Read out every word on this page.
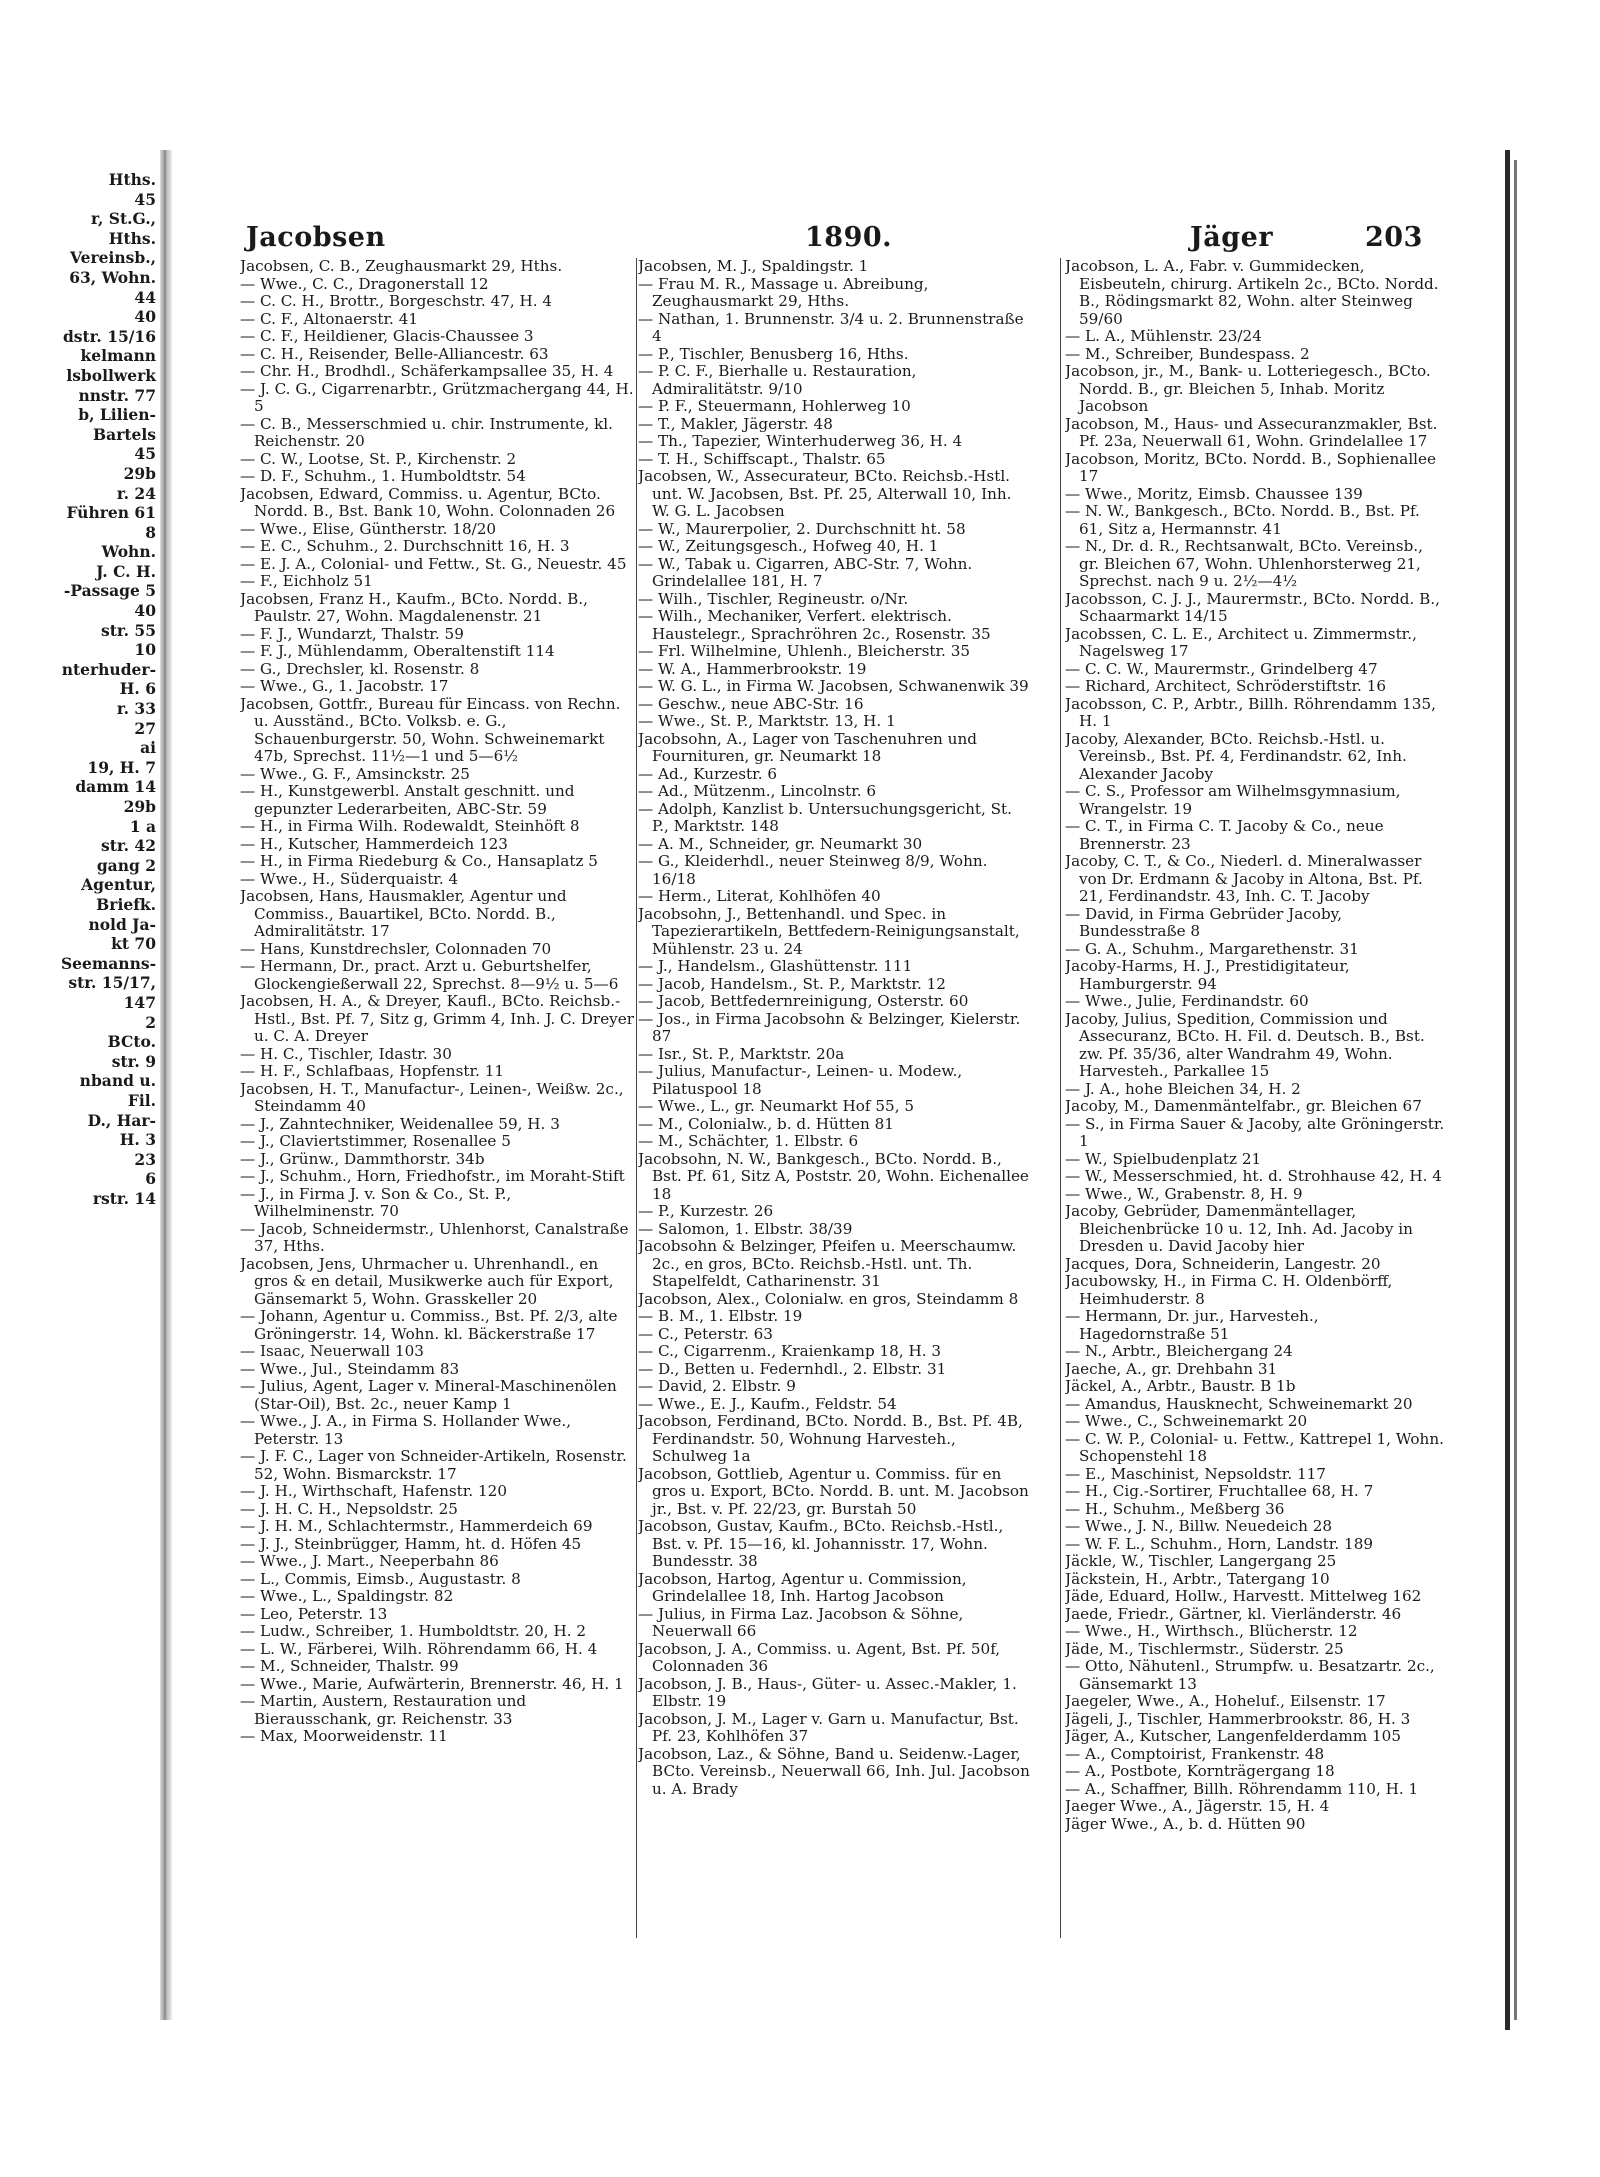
Hths.
45
r, St.G.,
Hths.
Vereinsb.,
63, Wohn.
44
40
dstr. 15/16
kelmann
lsbollwerk
nnstr. 77
b, Lilien-
Bartels
45
29b
r. 24
Führen 61
8
Wohn.
J. C. H.
-Passage 5
40
str. 55
10
nterhuder-
H. 6
r. 33
27
ai
19, H. 7
damm 14
29b
1 a
str. 42
gang 2
Agentur,
Briefk.
nold Ja-
kt 70
Seemanns-
str. 15/17,
147
2
BCto.
str. 9
nband u.
Fil.
D., Har-
H. 3
23
6
rstr. 14
Jacobsen	1890.	Jäger	203
Jacobsen, C. B., Zeughausmarkt 29, Hths.
— Wwe., C. C., Dragonerstall 12
— C. C. H., Brottr., Borgeschstr. 47, H. 4
— C. F., Altonaerstr. 41
— C. F., Heildiener, Glacis-Chaussee 3
— C. H., Reisender, Belle-Alliancestr. 63
— Chr. H., Brodhdl., Schäferkampsallee 35, H. 4
— J. C. G., Cigarrenarbtr., Grützmachergang 44, H. 5
— C. B., Messerschmied u. chir. Instrumente, kl. Reichenstr. 20
— C. W., Lootse, St. P., Kirchenstr. 2
— D. F., Schuhm., 1. Humboldtstr. 54
Jacobsen, Edward, Commiss. u. Agentur, BCto. Nordd. B., Bst. Bank 10, Wohn. Colonnaden 26
— Wwe., Elise, Güntherstr. 18/20
— E. C., Schuhm., 2. Durchschnitt 16, H. 3
— E. J. A., Colonial- und Fettw., St. G., Neuestr. 45
— F., Eichholz 51
Jacobsen, Franz H., Kaufm., BCto. Nordd. B., Paulstr. 27, Wohn. Magdalenenstr. 21
— F. J., Wundarzt, Thalstr. 59
— F. J., Mühlendamm, Oberaltenstift 114
— G., Drechsler, kl. Rosenstr. 8
— Wwe., G., 1. Jacobstr. 17
Jacobsen, Gottfr., Bureau für Eincass. von Rechn. u. Ausständ., BCto. Volksb. e. G., Schauenburgerstr. 50, Wohn. Schweinemarkt 47b, Sprechst. 11½—1 und 5—6½
— Wwe., G. F., Amsinckstr. 25
— H., Kunstgewerbl. Anstalt geschnitt. und gepunzter Lederarbeiten, ABC-Str. 59
— H., in Firma Wilh. Rodewaldt, Steinhöft 8
— H., Kutscher, Hammerdeich 123
— H., in Firma Riedeburg & Co., Hansaplatz 5
— Wwe., H., Süderquaistr. 4
Jacobsen, Hans, Hausmakler, Agentur und Commiss., Bauartikel, BCto. Nordd. B., Admiralitätstr. 17
— Hans, Kunstdrechsler, Colonnaden 70
— Hermann, Dr., pract. Arzt u. Geburtshelfer, Glockengießerwall 22, Sprechst. 8—9½ u. 5—6
Jacobsen, H. A., & Dreyer, Kaufl., BCto. Reichsb.-Hstl., Bst. Pf. 7, Sitz g, Grimm 4, Inh. J. C. Dreyer u. C. A. Dreyer
— H. C., Tischler, Idastr. 30
— H. F., Schlafbaas, Hopfenstr. 11
Jacobsen, H. T., Manufactur-, Leinen-, Weißw. 2c., Steindamm 40
— J., Zahntechniker, Weidenallee 59, H. 3
— J., Claviertstimmer, Rosenallee 5
— J., Grünw., Dammthorstr. 34b
— J., Schuhm., Horn, Friedhofstr., im Moraht-Stift
— J., in Firma J. v. Son & Co., St. P., Wilhelminenstr. 70
— Jacob, Schneidermstr., Uhlenhorst, Canalstraße 37, Hths.
Jacobsen, Jens, Uhrmacher u. Uhrenhandl., en gros & en detail, Musikwerke auch für Export, Gänsemarkt 5, Wohn. Grasskeller 20
— Johann, Agentur u. Commiss., Bst. Pf. 2/3, alte Gröningerstr. 14, Wohn. kl. Bäckerstraße 17
— Isaac, Neuerwall 103
— Wwe., Jul., Steindamm 83
— Julius, Agent, Lager v. Mineral-Maschinenölen (Star-Oil), Bst. 2c., neuer Kamp 1
— Wwe., J. A., in Firma S. Hollander Wwe., Peterstr. 13
— J. F. C., Lager von Schneider-Artikeln, Rosenstr. 52, Wohn. Bismarckstr. 17
— J. H., Wirthschaft, Hafenstr. 120
— J. H. C. H., Nepsoldstr. 25
— J. H. M., Schlachtermstr., Hammerdeich 69
— J. J., Steinbrügger, Hamm, ht. d. Höfen 45
— Wwe., J. Mart., Neeperbahn 86
— L., Commis, Eimsb., Augustastr. 8
— Wwe., L., Spaldingstr. 82
— Leo, Peterstr. 13
— Ludw., Schreiber, 1. Humboldtstr. 20, H. 2
— L. W., Färberei, Wilh. Röhrendamm 66, H. 4
— M., Schneider, Thalstr. 99
— Wwe., Marie, Aufwärterin, Brennerstr. 46, H. 1
— Martin, Austern, Restauration und Bierausschank, gr. Reichenstr. 33
— Max, Moorweidenstr. 11
Jacobsen, M. J., Spaldingstr. 1
— Frau M. R., Massage u. Abreibung, Zeughausmarkt 29, Hths.
— Nathan, 1. Brunnenstr. 3/4 u. 2. Brunnenstraße 4
— P., Tischler, Benusberg 16, Hths.
— P. C. F., Bierhalle u. Restauration, Admiralitätstr. 9/10
— P. F., Steuermann, Hohlerweg 10
— T., Makler, Jägerstr. 48
— Th., Tapezier, Winterhuderweg 36, H. 4
— T. H., Schiffscapt., Thalstr. 65
Jacobsen, W., Assecurateur, BCto. Reichsb.-Hstl. unt. W. Jacobsen, Bst. Pf. 25, Alterwall 10, Inh. W. G. L. Jacobsen
— W., Maurerpolier, 2. Durchschnitt ht. 58
— W., Zeitungsgesch., Hofweg 40, H. 1
— W., Tabak u. Cigarren, ABC-Str. 7, Wohn. Grindelallee 181, H. 7
— Wilh., Tischler, Regineustr. o/Nr.
— Wilh., Mechaniker, Verfert. elektrisch. Haustelegr., Sprachröhren 2c., Rosenstr. 35
— Frl. Wilhelmine, Uhlenh., Bleicherstr. 35
— W. A., Hammerbrookstr. 19
— W. G. L., in Firma W. Jacobsen, Schwanenwik 39
— Geschw., neue ABC-Str. 16
— Wwe., St. P., Marktstr. 13, H. 1
Jacobsohn, A., Lager von Taschenuhren und Fournituren, gr. Neumarkt 18
— Ad., Kurzestr. 6
— Ad., Mützenm., Lincolnstr. 6
— Adolph, Kanzlist b. Untersuchungsgericht, St. P., Marktstr. 148
— A. M., Schneider, gr. Neumarkt 30
— G., Kleiderhdl., neuer Steinweg 8/9, Wohn. 16/18
— Herm., Literat, Kohlhöfen 40
Jacobsohn, J., Bettenhandl. und Spec. in Tapezierartikeln, Bettfedern-Reinigungsanstalt, Mühlenstr. 23 u. 24
— J., Handelsm., Glashüttenstr. 111
— Jacob, Handelsm., St. P., Marktstr. 12
— Jacob, Bettfedernreinigung, Osterstr. 60
— Jos., in Firma Jacobsohn & Belzinger, Kielerstr. 87
— Isr., St. P., Marktstr. 20a
— Julius, Manufactur-, Leinen- u. Modew., Pilatuspool 18
— Wwe., L., gr. Neumarkt Hof 55, 5
— M., Colonialw., b. d. Hütten 81
— M., Schächter, 1. Elbstr. 6
Jacobsohn, N. W., Bankgesch., BCto. Nordd. B., Bst. Pf. 61, Sitz A, Poststr. 20, Wohn. Eichenallee 18
— P., Kurzestr. 26
— Salomon, 1. Elbstr. 38/39
Jacobsohn & Belzinger, Pfeifen u. Meerschaumw. 2c., en gros, BCto. Reichsb.-Hstl. unt. Th. Stapelfeldt, Catharinenstr. 31
Jacobson, Alex., Colonialw. en gros, Steindamm 8
— B. M., 1. Elbstr. 19
— C., Peterstr. 63
— C., Cigarrenm., Kraienkamp 18, H. 3
— D., Betten u. Federnhdl., 2. Elbstr. 31
— David, 2. Elbstr. 9
— Wwe., E. J., Kaufm., Feldstr. 54
Jacobson, Ferdinand, BCto. Nordd. B., Bst. Pf. 4B, Ferdinandstr. 50, Wohnung Harvesteh., Schulweg 1a
Jacobson, Gottlieb, Agentur u. Commiss. für en gros u. Export, BCto. Nordd. B. unt. M. Jacobson jr., Bst. v. Pf. 22/23, gr. Burstah 50
Jacobson, Gustav, Kaufm., BCto. Reichsb.-Hstl., Bst. v. Pf. 15—16, kl. Johannisstr. 17, Wohn. Bundesstr. 38
Jacobson, Hartog, Agentur u. Commission, Grindelallee 18, Inh. Hartog Jacobson
— Julius, in Firma Laz. Jacobson & Söhne, Neuerwall 66
Jacobson, J. A., Commiss. u. Agent, Bst. Pf. 50f, Colonnaden 36
Jacobson, J. B., Haus-, Güter- u. Assec.-Makler, 1. Elbstr. 19
Jacobson, J. M., Lager v. Garn u. Manufactur, Bst. Pf. 23, Kohlhöfen 37
Jacobson, Laz., & Söhne, Band u. Seidenw.-Lager, BCto. Vereinsb., Neuerwall 66, Inh. Jul. Jacobson u. A. Brady
Jacobson, L. A., Fabr. v. Gummidecken, Eisbeuteln, chirurg. Artikeln 2c., BCto. Nordd. B., Rödingsmarkt 82, Wohn. alter Steinweg 59/60
— L. A., Mühlenstr. 23/24
— M., Schreiber, Bundespass. 2
Jacobson, jr., M., Bank- u. Lotteriegesch., BCto. Nordd. B., gr. Bleichen 5, Inhab. Moritz Jacobson
Jacobson, M., Haus- und Assecuranzmakler, Bst. Pf. 23a, Neuerwall 61, Wohn. Grindelallee 17
Jacobson, Moritz, BCto. Nordd. B., Sophienallee 17
— Wwe., Moritz, Eimsb. Chaussee 139
— N. W., Bankgesch., BCto. Nordd. B., Bst. Pf. 61, Sitz a, Hermannstr. 41
— N., Dr. d. R., Rechtsanwalt, BCto. Vereinsb., gr. Bleichen 67, Wohn. Uhlenhorsterweg 21, Sprechst. nach 9 u. 2½—4½
Jacobsson, C. J. J., Maurermstr., BCto. Nordd. B., Schaarmarkt 14/15
Jacobssen, C. L. E., Architect u. Zimmermstr., Nagelsweg 17
— C. C. W., Maurermstr., Grindelberg 47
— Richard, Architect, Schröderstiftstr. 16
Jacobsson, C. P., Arbtr., Billh. Röhrendamm 135, H. 1
Jacoby, Alexander, BCto. Reichsb.-Hstl. u. Vereinsb., Bst. Pf. 4, Ferdinandstr. 62, Inh. Alexander Jacoby
— C. S., Professor am Wilhelmsgymnasium, Wrangelstr. 19
— C. T., in Firma C. T. Jacoby & Co., neue Brennerstr. 23
Jacoby, C. T., & Co., Niederl. d. Mineralwasser von Dr. Erdmann & Jacoby in Altona, Bst. Pf. 21, Ferdinandstr. 43, Inh. C. T. Jacoby
— David, in Firma Gebrüder Jacoby, Bundesstraße 8
— G. A., Schuhm., Margarethenstr. 31
Jacoby-Harms, H. J., Prestidigitateur, Hamburgerstr. 94
— Wwe., Julie, Ferdinandstr. 60
Jacoby, Julius, Spedition, Commission und Assecuranz, BCto. H. Fil. d. Deutsch. B., Bst. zw. Pf. 35/36, alter Wandrahm 49, Wohn. Harvesteh., Parkallee 15
— J. A., hohe Bleichen 34, H. 2
Jacoby, M., Damenmäntelfabr., gr. Bleichen 67
— S., in Firma Sauer & Jacoby, alte Gröningerstr. 1
— W., Spielbudenplatz 21
— W., Messerschmied, ht. d. Strohhause 42, H. 4
— Wwe., W., Grabenstr. 8, H. 9
Jacoby, Gebrüder, Damenmäntellager, Bleichenbrücke 10 u. 12, Inh. Ad. Jacoby in Dresden u. David Jacoby hier
Jacques, Dora, Schneiderin, Langestr. 20
Jacubowsky, H., in Firma C. H. Oldenbörff, Heimhuderstr. 8
— Hermann, Dr. jur., Harvesteh., Hagedornstraße 51
— N., Arbtr., Bleichergang 24
Jaeche, A., gr. Drehbahn 31
Jäckel, A., Arbtr., Baustr. B 1b
— Amandus, Hausknecht, Schweinemarkt 20
— Wwe., C., Schweinemarkt 20
— C. W. P., Colonial- u. Fettw., Kattrepel 1, Wohn. Schopenstehl 18
— E., Maschinist, Nepsoldstr. 117
— H., Cig.-Sortirer, Fruchtallee 68, H. 7
— H., Schuhm., Meßberg 36
— Wwe., J. N., Billw. Neuedeich 28
— W. F. L., Schuhm., Horn, Landstr. 189
Jäckle, W., Tischler, Langergang 25
Jäckstein, H., Arbtr., Tatergang 10
Jäde, Eduard, Hollw., Harvestt. Mittelweg 162
Jaede, Friedr., Gärtner, kl. Vierländerstr. 46
— Wwe., H., Wirthsch., Blücherstr. 12
Jäde, M., Tischlermstr., Süderstr. 25
— Otto, Nähutenl., Strumpfw. u. Besatzartr. 2c., Gänsemarkt 13
Jaegeler, Wwe., A., Hoheluf., Eilsenstr. 17
Jägeli, J., Tischler, Hammerbrookstr. 86, H. 3
Jäger, A., Kutscher, Langenfelderdamm 105
— A., Comptoirist, Frankenstr. 48
— A., Postbote, Kornträgergang 18
— A., Schaffner, Billh. Röhrendamm 110, H. 1
Jaeger Wwe., A., Jägerstr. 15, H. 4
Jäger Wwe., A., b. d. Hütten 90
